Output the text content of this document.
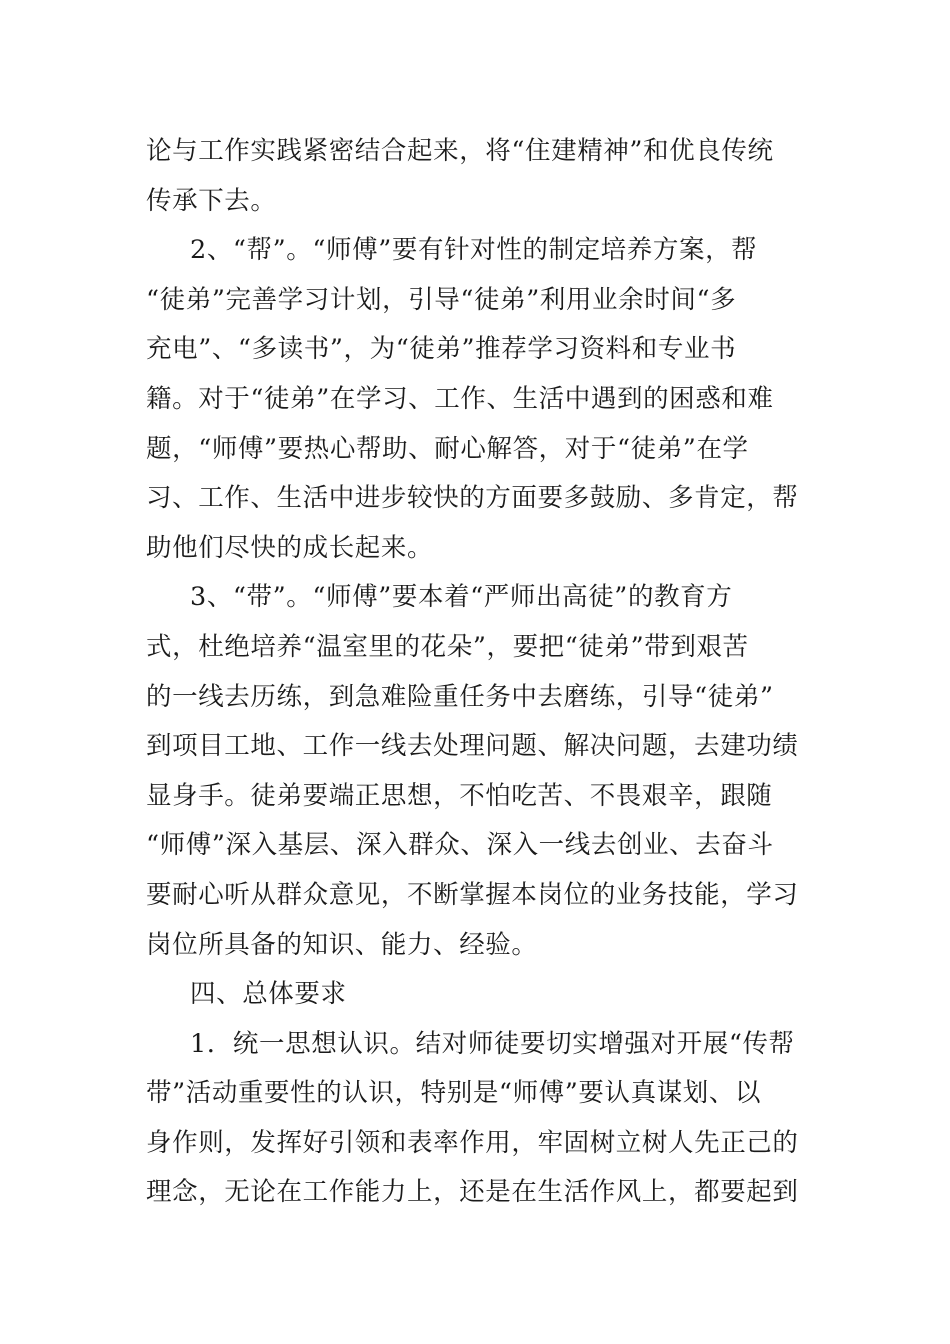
论与工作实践紧密结合起来，将“住建精神”和优良传统
传承下去。
2、“帮”。“师傅”要有针对性的制定培养方案，帮
“徒弟”完善学习计划，引导“徒弟”利用业余时间“多
充电”、“多读书”，为“徒弟”推荐学习资料和专业书
籍。对于“徒弟”在学习、工作、生活中遇到的困惑和难
题，“师傅”要热心帮助、耐心解答，对于“徒弟”在学
习、工作、生活中进步较快的方面要多鼓励、多肯定，帮
助他们尽快的成长起来。
3、“带”。“师傅”要本着“严师出高徒”的教育方
式，杜绝培养“温室里的花朵”，要把“徒弟”带到艰苦
的一线去历练，到急难险重任务中去磨练，引导“徒弟”
到项目工地、工作一线去处理问题、解决问题，去建功绩
显身手。徒弟要端正思想，不怕吃苦、不畏艰辛，跟随
“师傅”深入基层、深入群众、深入一线去创业、去奋斗
要耐心听从群众意见，不断掌握本岗位的业务技能，学习
岗位所具备的知识、能力、经验。
四、总体要求
1．统一思想认识。结对师徒要切实增强对开展“传帮
带”活动重要性的认识，特别是“师傅”要认真谋划、以
身作则，发挥好引领和表率作用，牢固树立树人先正己的
理念，无论在工作能力上，还是在生活作风上，都要起到
